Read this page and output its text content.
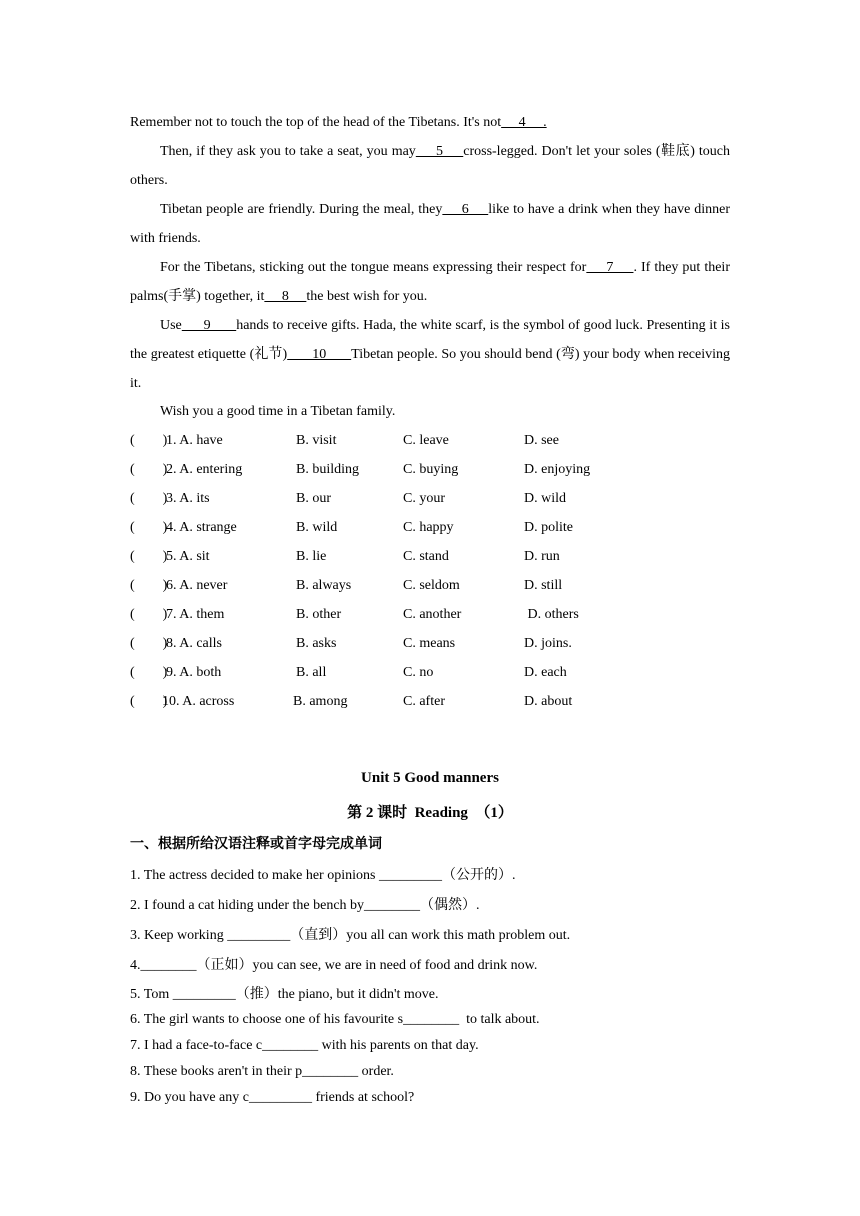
Remember not to touch the top of the head of the Tibetans. It's not     4     .
Then, if they ask you to take a seat, you may     5     cross-legged. Don't let your soles (鞋底) touch others.
Tibetan people are friendly. During the meal, they     6     like to have a drink when they have dinner with friends.
For the Tibetans, sticking out the tongue means expressing their respect for     7     . If they put their palms(手掌) together, it     8     the best wish for you.
Use      9       hands to receive gifts. Hada, the white scarf, is the symbol of good luck. Presenting it is the greatest etiquette (礼节)       10       Tibetan people. So you should bend (弯) your body when receiving it.
Wish you a good time in a Tibetan family.
(        )
1. A. have	B. visit	C. leave	D. see
(        )
2. A. entering	B. building	C. buying	D. enjoying
(        )
3. A. its	B. our	C. your	D. wild
(        )
4. A. strange	B. wild	C. happy	D. polite
(        )
5. A. sit	B. lie	C. stand	D. run
(        )
6. A. never	B. always	C. seldom	D. still
(        )
7. A. them	B. other	C. another	D. others
(        )
8. A. calls	B. asks	C. means	D. joins.
(        )
9. A. both	B. all	C. no	D. each
(        )
10. A. across	B. among	C. after	D. about
Unit 5 Good manners
第 2 课时  Reading  （1）
一、根据所给汉语注释或首字母完成单词
1. The actress decided to make her opinions _________（公开的）.
2. I found a cat hiding under the bench by________（偶然）.
3. Keep working _________（直到）you all can work this math problem out.
4.________（正如）you can see, we are in need of food and drink now.
5. Tom _________（推）the piano, but it didn't move.
6. The girl wants to choose one of his favourite s________  to talk about.
7. I had a face-to-face c________ with his parents on that day.
8. These books aren't in their p________ order.
9. Do you have any c_________ friends at school?
